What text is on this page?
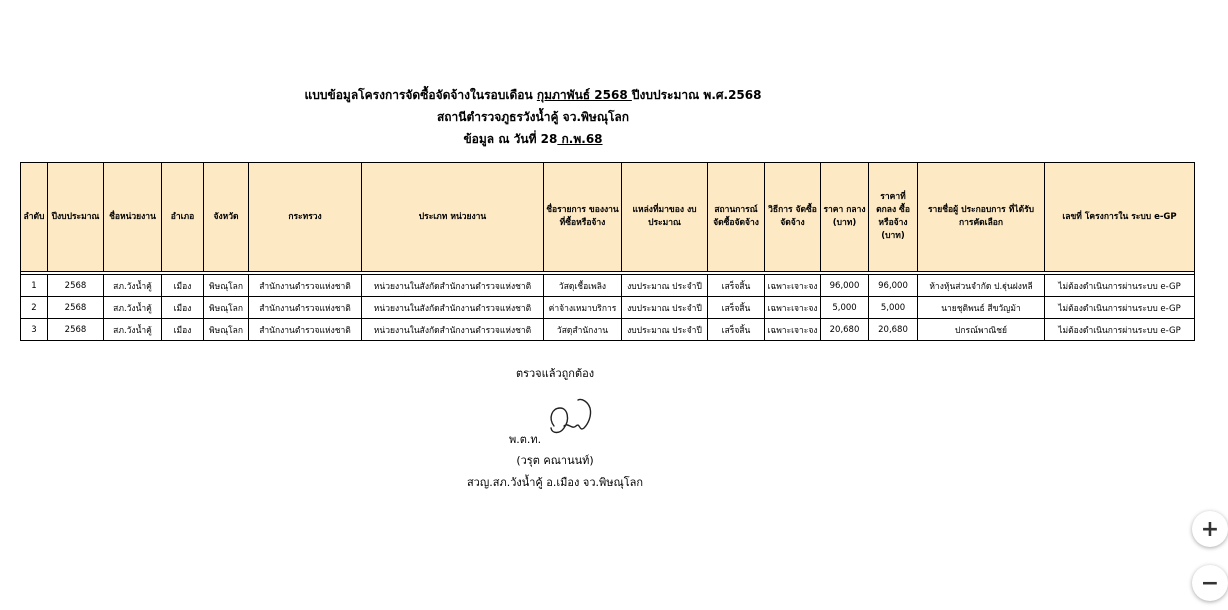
แบบข้อมูลโครงการจัดซื้อจัดจ้างในรอบเดือน กุมภาพันธ์ 2568 ปีงบประมาณ พ.ศ.2568
สถานีตำรวจภูธรวังน้ำคู้ จว.พิษณุโลก
ข้อมูล ณ วันที่ 28 ก.พ.68
ลำดับ	ปีงบประมาณ	ชื่อหน่วยงาน	อำเภอ	จังหวัด	กระทรวง	ประเภท หน่วยงาน	ชื่อรายการ ของงาน ที่ซื้อหรือจ้าง	แหล่งที่มาของ งบประมาณ	สถานการณ์ จัดซื้อจัดจ้าง	วิธีการ จัดซื้อ จัดจ้าง	ราคา กลาง (บาท)	ราคาที่ ตกลง ซื้อหรือจ้าง (บาท)	รายชื่อผู้ ประกอบการ ที่ได้รับ การคัดเลือก	เลขที่ โครงการใน ระบบ e-GP

1	2568	สภ.วังน้ำคู้	เมือง	พิษณุโลก	สำนักงานตำรวจแห่งชาติ	หน่วยงานในสังกัดสำนักงานตำรวจแห่งชาติ	วัสดุเชื้อเพลิง	งบประมาณ ประจำปี	เสร็จสิ้น	เฉพาะเจาะจง	96,000	96,000	ห้างหุ้นส่วนจำกัด ป.ฐุ่นฝงหลี	ไม่ต้องดำเนินการผ่านระบบ e-GP
2	2568	สภ.วังน้ำคู้	เมือง	พิษณุโลก	สำนักงานตำรวจแห่งชาติ	หน่วยงานในสังกัดสำนักงานตำรวจแห่งชาติ	ค่าจ้างเหมาบริการ	งบประมาณ ประจำปี	เสร็จสิ้น	เฉพาะเจาะจง	5,000	5,000	นายชุติพนธ์ สีขวัญม้า	ไม่ต้องดำเนินการผ่านระบบ e-GP
3	2568	สภ.วังน้ำคู้	เมือง	พิษณุโลก	สำนักงานตำรวจแห่งชาติ	หน่วยงานในสังกัดสำนักงานตำรวจแห่งชาติ	วัสดุสำนักงาน	งบประมาณ ประจำปี	เสร็จสิ้น	เฉพาะเจาะจง	20,680	20,680	ปกรณ์พาณิชย์	ไม่ต้องดำเนินการผ่านระบบ e-GP
ตรวจแล้วถูกต้อง
พ.ต.ท.
(วรุต คณานนท์)
สวญ.สภ.วังน้ำคู้ อ.เมือง จว.พิษณุโลก
+
−
